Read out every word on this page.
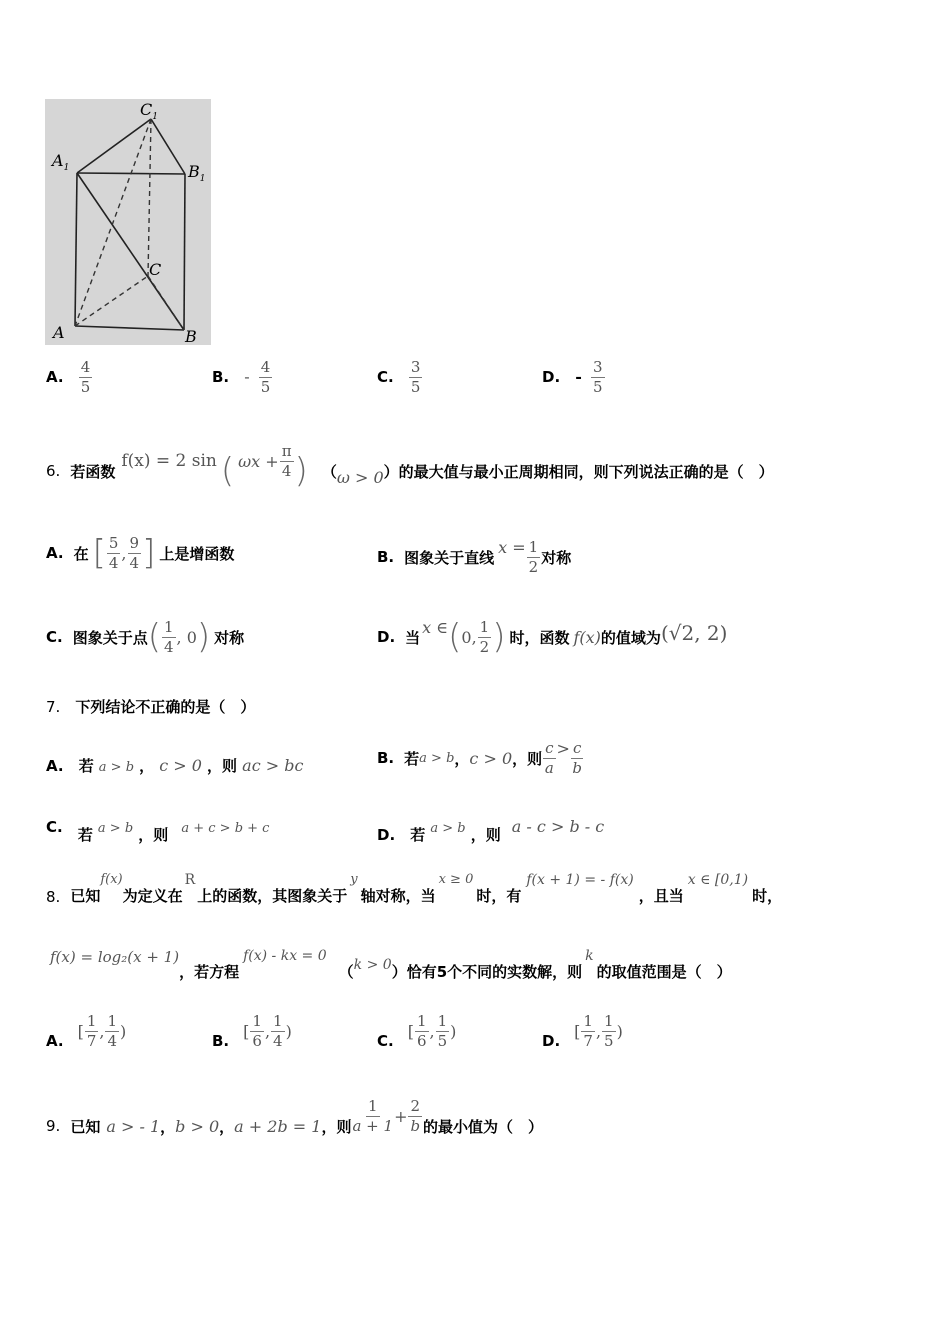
$C_1$
$A_1$	$B_1$
C
A	B
A. $\frac{4}{5}$	B. - $\frac{4}{5}$	C. $\frac{3}{5}$	D. - $\frac{3}{5}$
6. 若函数
f(x) = 2 sin ( $\omega x + \frac{\pi}{4}$ ) （ ω > 0 ）的最大值与最小正周期相同，则下列说法正确的是（　）
A. 在 [ $\frac{5}{4}$ , $\frac{9}{4}$ ] 上是增函数	B. 图象关于直线
$x = \frac{1}{2}$ 对称
C. 图象关于点 ( $\frac{1}{4}$ , 0 ) 对称	D. 当
x ∈ ( 0, $\frac{1}{2}$ ) 时，函数 f(x) 的值域为 (√2, 2)
7. 下列结论不正确的是（　）
A. 若 a > b ， c > 0 ，则 ac > bc	B. 若 a > b ， c > 0 ，则 $\frac{c}{a} > \frac{c}{b}$
C. 若 a > b ，则 a + c > b + c	D. 若 a > b ，则 a - c > b - c
8. 已知
f(x)
为定义在
R
上的函数，其图象关于
y
轴对称，当
x ≥ 0
时，有
f(x + 1) = - f(x)
，且当
x ∈ [0,1)
时，
f(x) = log₂(x + 1)
，若方程
f(x) - kx = 0
（ k > 0 ）恰有5个不同的实数解，则
k
的取值范围是（　）
A.
[ $\frac{1}{7}$ , $\frac{1}{4}$ )
B.
[ $\frac{1}{6}$ , $\frac{1}{4}$ )
C.
[ $\frac{1}{6}$ , $\frac{1}{5}$ )
D.
[ $\frac{1}{7}$ , $\frac{1}{5}$ )
9. 已知 a > - 1 ， b > 0 ， a + 2b = 1 ，则 $\frac{1}{a + 1} + \frac{2}{b}$ 的最小值为（　）
